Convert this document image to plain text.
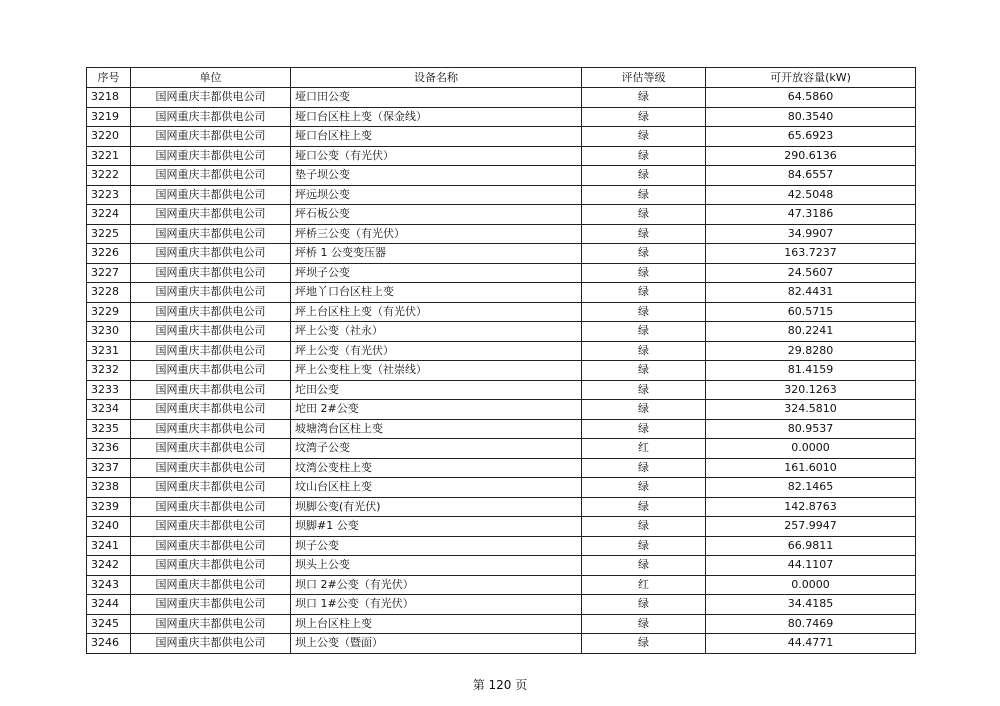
序号	单位	设备名称	评估等级	可开放容量(kW)
3218	国网重庆丰都供电公司	垭口田公变	绿	64.5860
3219	国网重庆丰都供电公司	垭口台区柱上变（保金线）	绿	80.3540
3220	国网重庆丰都供电公司	垭口台区柱上变	绿	65.6923
3221	国网重庆丰都供电公司	垭口公变（有光伏）	绿	290.6136
3222	国网重庆丰都供电公司	垫子坝公变	绿	84.6557
3223	国网重庆丰都供电公司	坪远坝公变	绿	42.5048
3224	国网重庆丰都供电公司	坪石板公变	绿	47.3186
3225	国网重庆丰都供电公司	坪桥三公变（有光伏）	绿	34.9907
3226	国网重庆丰都供电公司	坪桥 1 公变变压器	绿	163.7237
3227	国网重庆丰都供电公司	坪坝子公变	绿	24.5607
3228	国网重庆丰都供电公司	坪地丫口台区柱上变	绿	82.4431
3229	国网重庆丰都供电公司	坪上台区柱上变（有光伏）	绿	60.5715
3230	国网重庆丰都供电公司	坪上公变（社永）	绿	80.2241
3231	国网重庆丰都供电公司	坪上公变（有光伏）	绿	29.8280
3232	国网重庆丰都供电公司	坪上公变柱上变（社崇线）	绿	81.4159
3233	国网重庆丰都供电公司	坨田公变	绿	320.1263
3234	国网重庆丰都供电公司	坨田 2#公变	绿	324.5810
3235	国网重庆丰都供电公司	坡塘湾台区柱上变	绿	80.9537
3236	国网重庆丰都供电公司	坟湾子公变	红	0.0000
3237	国网重庆丰都供电公司	坟湾公变柱上变	绿	161.6010
3238	国网重庆丰都供电公司	坟山台区柱上变	绿	82.1465
3239	国网重庆丰都供电公司	坝脚公变(有光伏)	绿	142.8763
3240	国网重庆丰都供电公司	坝脚#1 公变	绿	257.9947
3241	国网重庆丰都供电公司	坝子公变	绿	66.9811
3242	国网重庆丰都供电公司	坝头上公变	绿	44.1107
3243	国网重庆丰都供电公司	坝口 2#公变（有光伏）	红	0.0000
3244	国网重庆丰都供电公司	坝口 1#公变（有光伏）	绿	34.4185
3245	国网重庆丰都供电公司	坝上台区柱上变	绿	80.7469
3246	国网重庆丰都供电公司	坝上公变（暨面）	绿	44.4771
第 120 页
